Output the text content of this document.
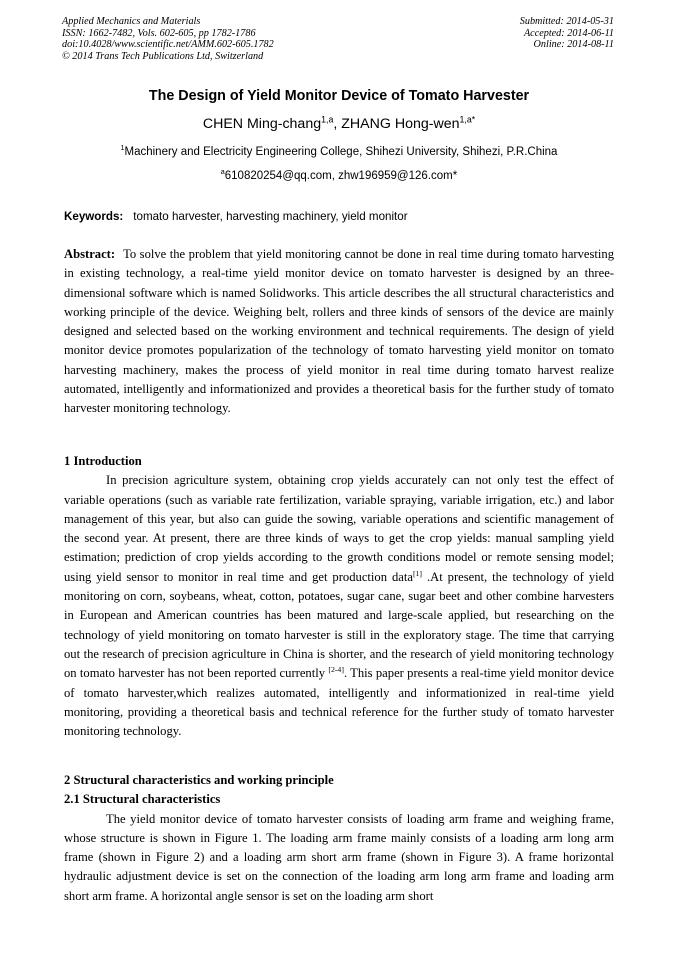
Applied Mechanics and Materials
ISSN: 1662-7482, Vols. 602-605, pp 1782-1786
doi:10.4028/www.scientific.net/AMM.602-605.1782
© 2014 Trans Tech Publications Ltd, Switzerland
Submitted: 2014-05-31
Accepted: 2014-06-11
Online: 2014-08-11
The Design of Yield Monitor Device of Tomato Harvester
CHEN Ming-chang$^{1,a}$, ZHANG Hong-wen$^{1,a*}$
$^1$Machinery and Electricity Engineering College, Shihezi University, Shihezi, P.R.China
$^a$610820254@qq.com, zhw196959@126.com*
Keywords: tomato harvester, harvesting machinery, yield monitor

Abstract: To solve the problem that yield monitoring cannot be done in real time during tomato harvesting in existing technology, a real-time yield monitor device on tomato harvester is designed by an three-dimensional software which is named Solidworks. This article describes the all structural characteristics and working principle of the device. Weighing belt, rollers and three kinds of sensors of the device are mainly designed and selected based on the working environment and technical requirements. The design of yield monitor device promotes popularization of the technology of tomato harvesting yield monitor on tomato harvesting machinery, makes the process of yield monitor in real time during tomato harvest realize automated, intelligently and informationized and provides a theoretical basis for the further study of tomato harvester monitoring technology.

1 Introduction

In precision agriculture system, obtaining crop yields accurately can not only test the effect of variable operations (such as variable rate fertilization, variable spraying, variable irrigation, etc.) and labor management of this year, but also can guide the sowing, variable operations and scientific management of the second year. At present, there are three kinds of ways to get the crop yields: manual sampling yield estimation; prediction of crop yields according to the growth conditions model or remote sensing model; using yield sensor to monitor in real time and get production data[1] .At present, the technology of yield monitoring on corn, soybeans, wheat, cotton, potatoes, sugar cane, sugar beet and other combine harvesters in European and American countries has been matured and large-scale applied, but researching on the technology of yield monitoring on tomato harvester is still in the exploratory stage. The time that carrying out the research of precision agriculture in China is shorter, and the research of yield monitoring technology on tomato harvester has not been reported currently [2-4]. This paper presents a real-time yield monitor device of tomato harvester,which realizes automated, intelligently and informationized in real-time yield monitoring, providing a theoretical basis and technical reference for the further study of tomato harvester monitoring technology.

2 Structural characteristics and working principle

2.1 Structural characteristics

The yield monitor device of tomato harvester consists of loading arm frame and weighing frame, whose structure is shown in Figure 1. The loading arm frame mainly consists of a loading arm long arm frame (shown in Figure 2) and a loading arm short arm frame (shown in Figure 3). A frame horizontal hydraulic adjustment device is set on the connection of the loading arm long arm frame and loading arm short arm frame. A horizontal angle sensor is set on the loading arm short
